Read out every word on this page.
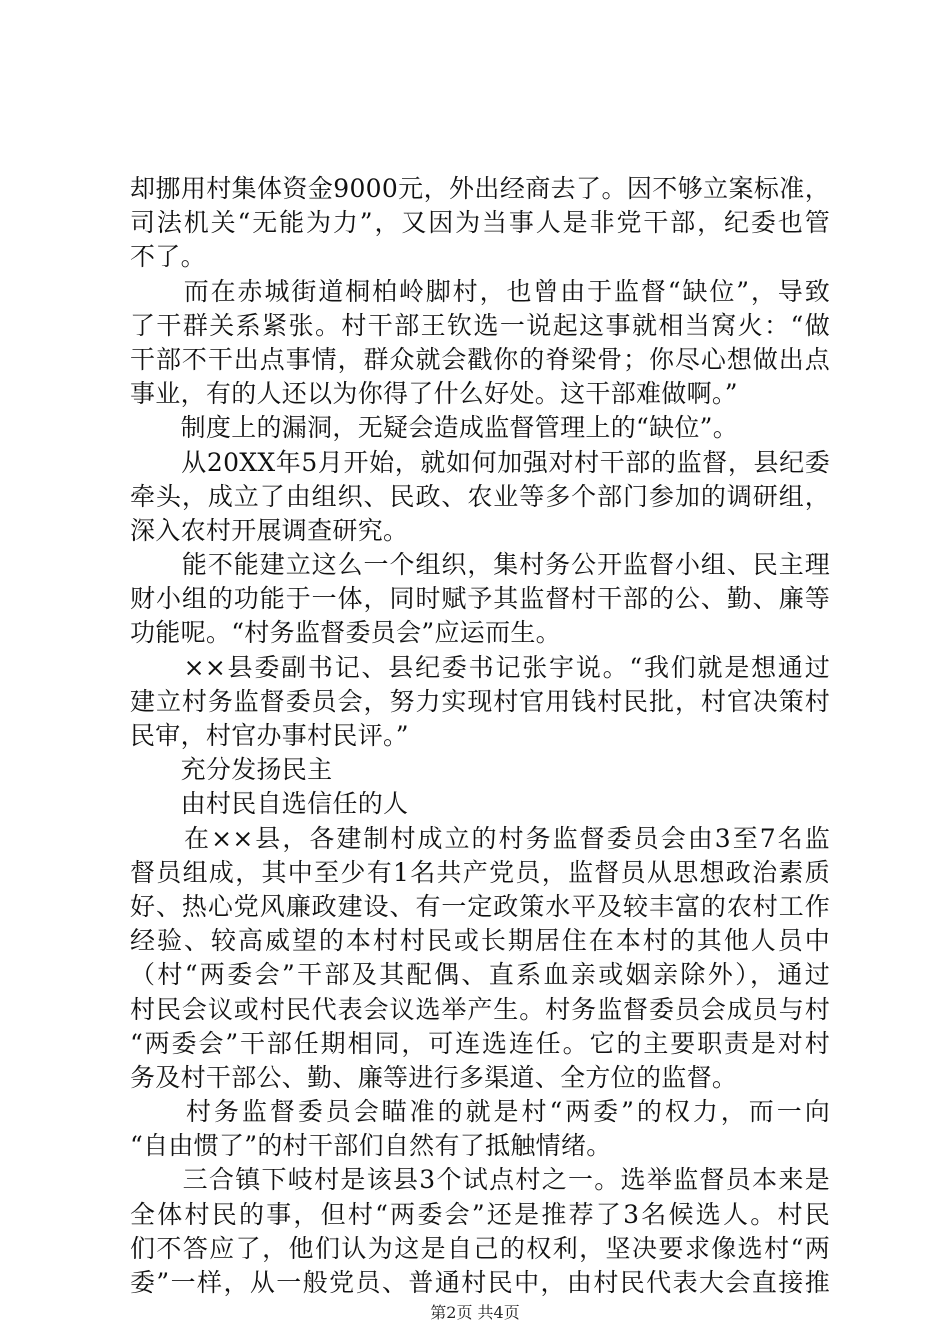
却挪用村集体资金9000元，外出经商去了。因不够立案标准，
司法机关“无能为力”，又因为当事人是非党干部，纪委也管
不了。
　　而在赤城街道桐柏岭脚村，也曾由于监督“缺位”，导致
了干群关系紧张。村干部王钦选一说起这事就相当窝火：“做
干部不干出点事情，群众就会戳你的脊梁骨；你尽心想做出点
事业，有的人还以为你得了什么好处。这干部难做啊。”
　　制度上的漏洞，无疑会造成监督管理上的“缺位”。
　　从20XX年5月开始，就如何加强对村干部的监督，县纪委
牵头，成立了由组织、民政、农业等多个部门参加的调研组，
深入农村开展调查研究。
　　能不能建立这么一个组织，集村务公开监督小组、民主理
财小组的功能于一体，同时赋予其监督村干部的公、勤、廉等
功能呢。“村务监督委员会”应运而生。
　　××县委副书记、县纪委书记张宇说。“我们就是想通过
建立村务监督委员会，努力实现村官用钱村民批，村官决策村
民审，村官办事村民评。”
　　充分发扬民主
　　由村民自选信任的人
　　在××县，各建制村成立的村务监督委员会由3至7名监
督员组成，其中至少有1名共产党员，监督员从思想政治素质
好、热心党风廉政建设、有一定政策水平及较丰富的农村工作
经验、较高威望的本村村民或长期居住在本村的其他人员中
（村“两委会”干部及其配偶、直系血亲或姻亲除外），通过
村民会议或村民代表会议选举产生。村务监督委员会成员与村
“两委会”干部任期相同，可连选连任。它的主要职责是对村
务及村干部公、勤、廉等进行多渠道、全方位的监督。
　　村务监督委员会瞄准的就是村“两委”的权力，而一向
“自由惯了”的村干部们自然有了抵触情绪。
　　三合镇下岐村是该县3个试点村之一。选举监督员本来是
全体村民的事，但村“两委会”还是推荐了3名候选人。村民
们不答应了，他们认为这是自己的权利，坚决要求像选村“两
委”一样，从一般党员、普通村民中，由村民代表大会直接推
第2页 共4页
